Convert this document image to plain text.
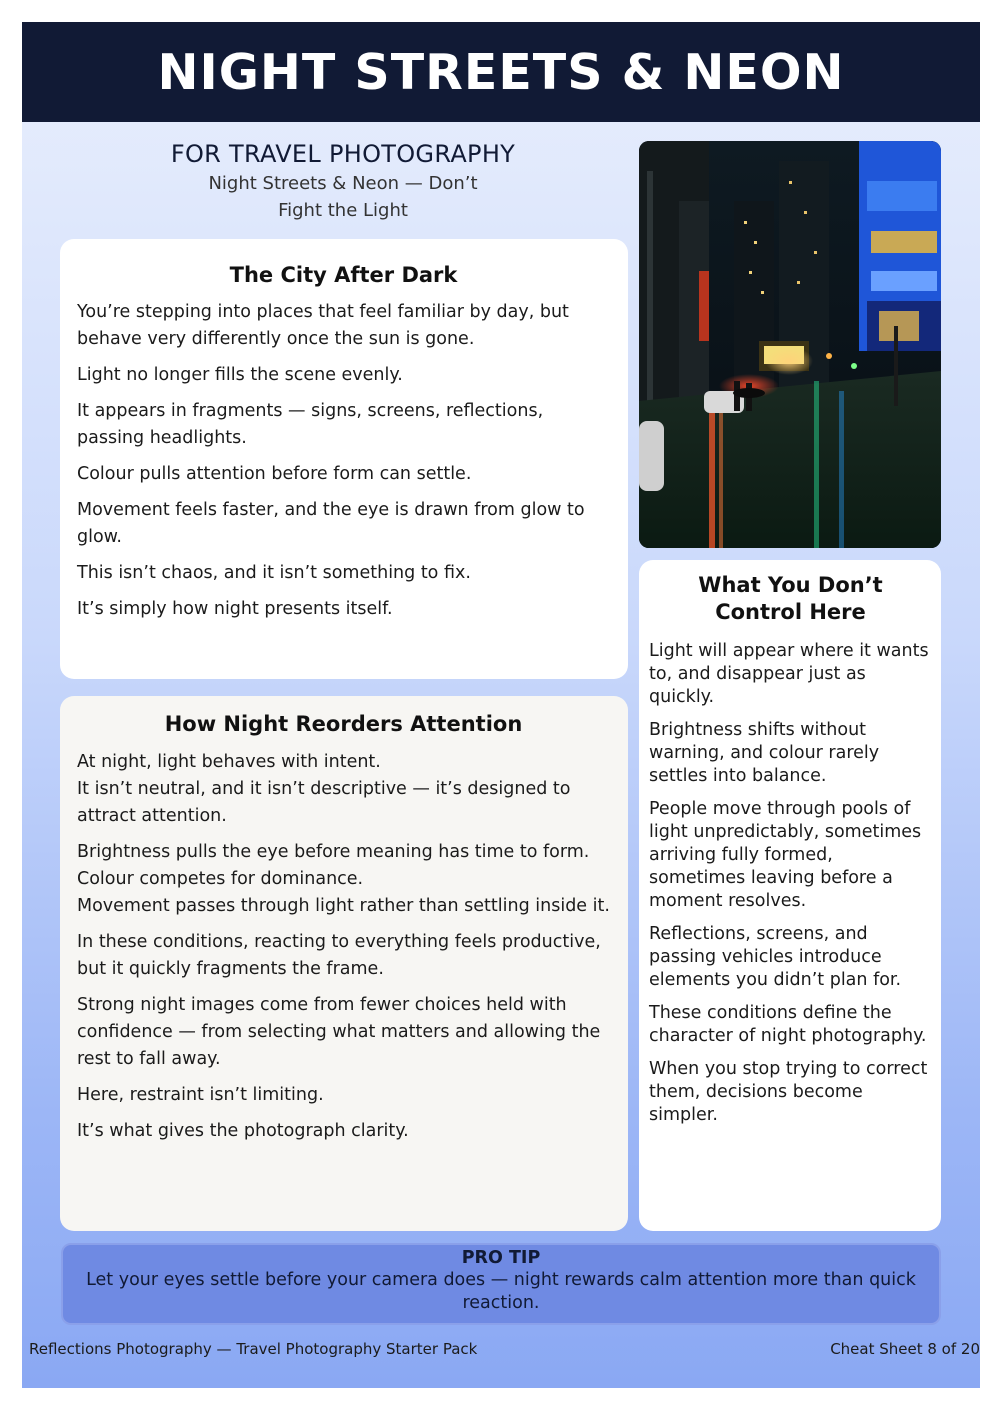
NIGHT STREETS & NEON

FOR TRAVEL PHOTOGRAPHY

Night Streets & Neon — Don’t

Fight the Light

The City After Dark

You’re stepping into places that feel familiar by day, but behave very differently once the sun is gone.

Light no longer fills the scene evenly.

It appears in fragments — signs, screens, reflections, passing headlights.

Colour pulls attention before form can settle.

Movement feels faster, and the eye is drawn from glow to glow.

This isn’t chaos, and it isn’t something to fix.

It’s simply how night presents itself.

How Night Reorders Attention

At night, light behaves with intent.
It isn’t neutral, and it isn’t descriptive — it’s designed to attract attention.

Brightness pulls the eye before meaning has time to form.
Colour competes for dominance.
Movement passes through light rather than settling inside it.

In these conditions, reacting to everything feels productive, but it quickly fragments the frame.

Strong night images come from fewer choices held with confidence — from selecting what matters and allowing the rest to fall away.

Here, restraint isn’t limiting.

It’s what gives the photograph clarity.

What You Don’t
Control Here

Light will appear where it wants to, and disappear just as quickly.

Brightness shifts without warning, and colour rarely settles into balance.

People move through pools of light unpredictably, sometimes arriving fully formed, sometimes leaving before a moment resolves.

Reflections, screens, and passing vehicles introduce elements you didn’t plan for.

These conditions define the character of night photography.

When you stop trying to correct them, decisions become simpler.

PRO TIP
Let your eyes settle before your camera does — night rewards calm attention more than quick reaction.
Reflections Photography — Travel Photography Starter Pack	Cheat Sheet 8 of 20
